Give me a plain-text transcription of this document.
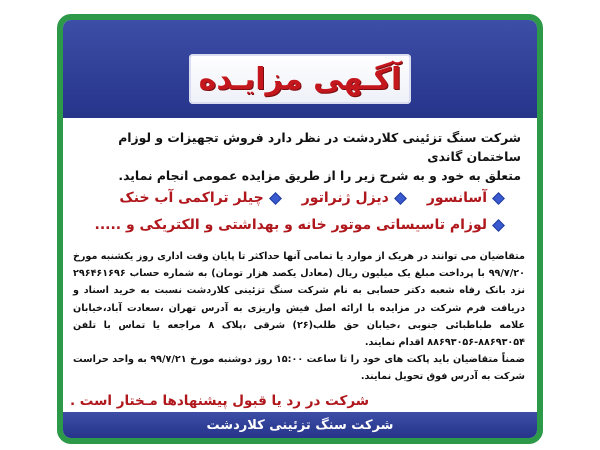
آگـهی مزایـده
شرکت سنگ تزئینی کلاردشت در نظر دارد فروش تجهیزات و لوزام ساختمان گاندی
متعلق به خود و به شرح زیر را از طریق مزایده عمومی انجام نماید.
آسانسور
دیزل ژنراتور
چیلر تراکمی آب خنک
لوزام تاسیساتی موتور خانه و بهداشتی و الکتریکی و .....

متقاضیان می توانند در هریک از موارد یا تمامی آنها حداکثر تا پایان وقت اداری روز یکشنبه مورخ ۹۹/۷/۲۰ با پرداخت مبلغ یک میلیون ریال (معادل یکصد هزار تومان) به شماره حساب ۲۹۶۴۶۱۶۹۶ نزد بانک رفاه شعبه دکتر حسابی به نام شرکت سنگ تزئینی کلاردشت نسبت به خرید اسناد و دریافت فرم شرکت در مزایده با ارائه اصل فیش واریزی به آدرس تهران ،سعادت آباد،خیابان علامه طباطبائی جنوبی ،خیابان حق طلب(۲۶) شرقی ،پلاک ۸ مراجعه یا تماس با تلفن ۸۸۶۹۳۰۵۴-۸۸۶۹۳۰۵۶ اقدام نمایند.

ضمناً متقاضیان باید پاکت های خود را تا ساعت ۱۵:۰۰ روز دوشنبه مورخ ۹۹/۷/۲۱ به واحد حراست شرکت به آدرس فوق تحویل نمایند.

شرکت در رد یا قبول پیشنهادها مـختار است .
شرکت سنگ تزئینی کلاردشت
